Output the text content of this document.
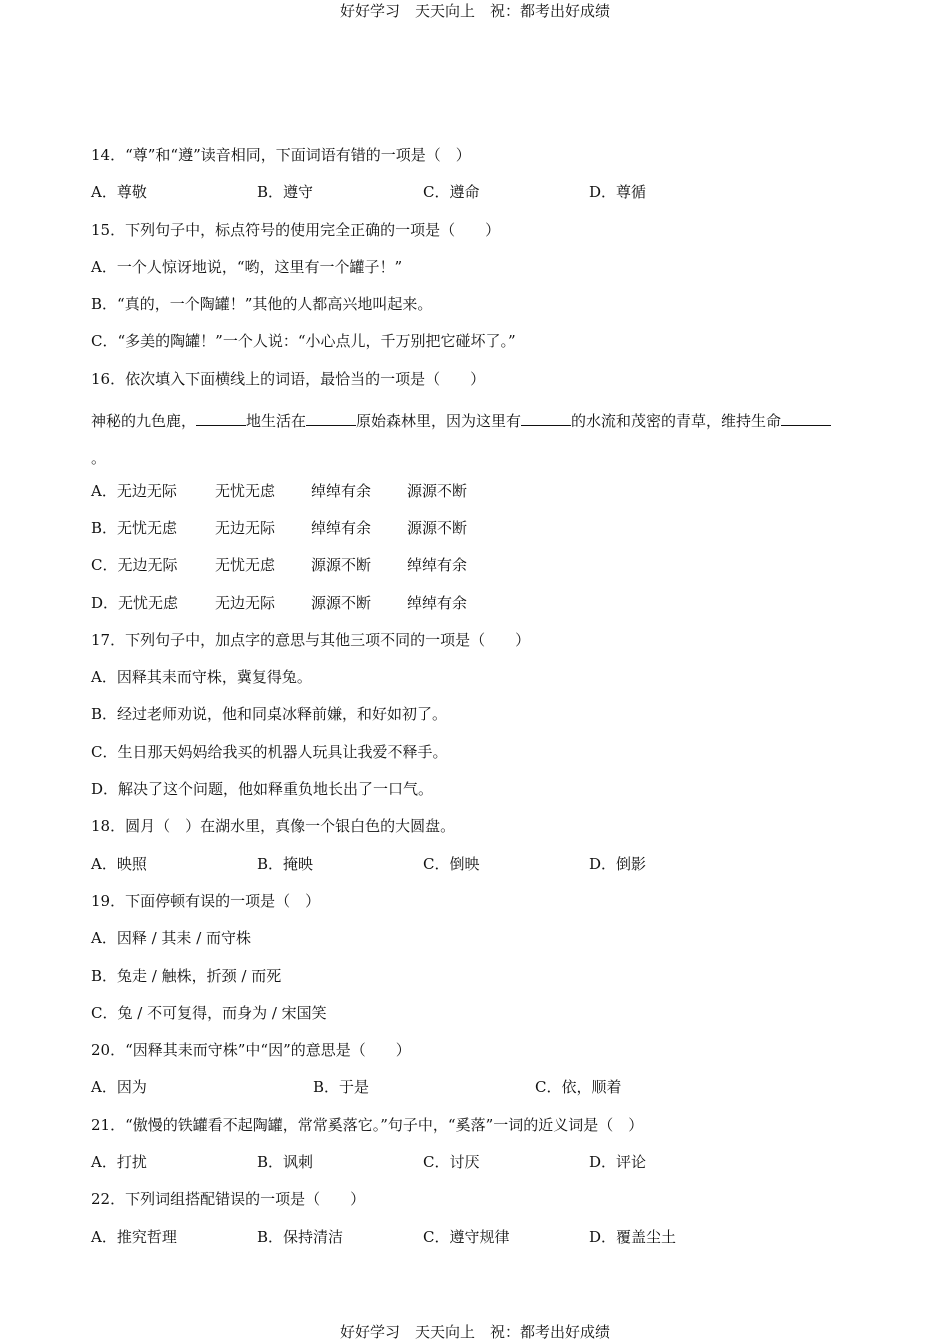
好好学习　天天向上　祝：都考出好成绩
14．“尊”和“遵”读音相同，下面词语有错的一项是（　）
A．尊敬	B．遵守	C．遵命	D．尊循
15．下列句子中，标点符号的使用完全正确的一项是（　　）
A．一个人惊讶地说，“哟，这里有一个罐子！”
B．“真的，一个陶罐！”其他的人都高兴地叫起来。
C．“多美的陶罐！”一个人说：“小心点儿，千万别把它碰坏了。”
16．依次填入下面横线上的词语，最恰当的一项是（　　）
神秘的九色鹿，	地生活在	原始森林里，因为这里有	的水流和茂密的青草，维持生命。
A．无边无际	无忧无虑 绰绰有余 源源不断
B．无忧无虑	无边无际 绰绰有余 源源不断
C．无边无际	无忧无虑 源源不断 绰绰有余
D．无忧无虑 无边无际 源源不断 绰绰有余
17．下列句子中，加点字的意思与其他三项不同的一项是（　　）
A．因释其耒而守株，冀复得兔。
B．经过老师劝说，他和同桌冰释前嫌，和好如初了。
C．生日那天妈妈给我买的机器人玩具让我爱不释手。
D．解决了这个问题，他如释重负地长出了一口气。
18．圆月（　）在湖水里，真像一个银白色的大圆盘。
A．映照	B．掩映	C．倒映	D．倒影
19．下面停顿有误的一项是（　）
A．因释 / 其耒 / 而守株
B．兔走 / 触株，折颈 / 而死
C．兔 / 不可复得，而身为 / 宋国笑
20．“因释其耒而守株”中“因”的意思是（　　）
A．因为	B．于是	C．依，顺着
21．“傲慢的铁罐看不起陶罐，常常奚落它。”句子中，“奚落”一词的近义词是（　）
A．打扰	B．讽刺	C．讨厌	D．评论
22．下列词组搭配错误的一项是（　　）
A．推究哲理	B．保持清洁	C．遵守规律	D．覆盖尘土
好好学习　天天向上　祝：都考出好成绩
